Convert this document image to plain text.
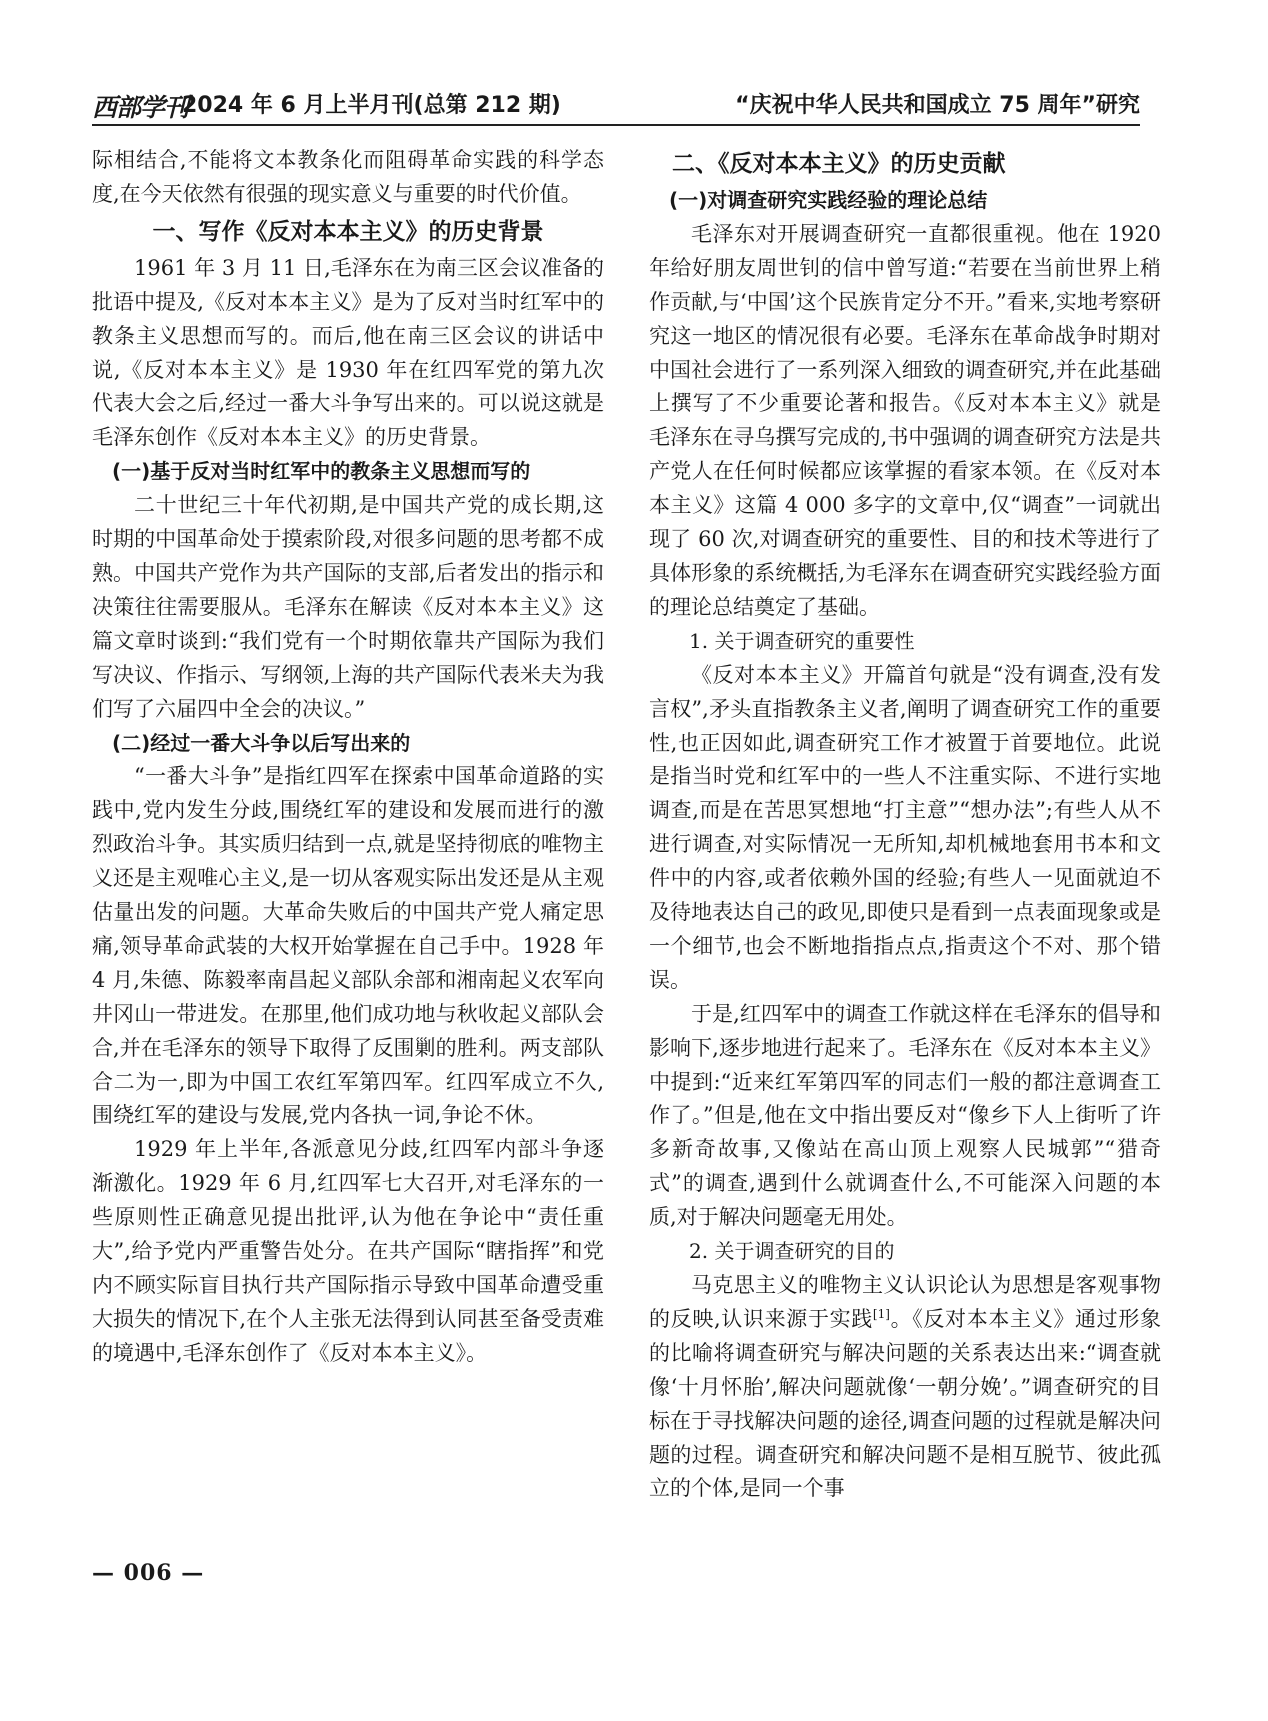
西部学刊
2024 年 6 月上半月刊(总第 212 期)	“庆祝中华人民共和国成立 75 周年”研究

际相结合,不能将文本教条化而阻碍革命实践的科学态度,在今天依然有很强的现实意义与重要的时代价值。

一、写作《反对本本主义》的历史背景

1961 年 3 月 11 日,毛泽东在为南三区会议准备的批语中提及,《反对本本主义》是为了反对当时红军中的教条主义思想而写的。而后,他在南三区会议的讲话中说,《反对本本主义》是 1930 年在红四军党的第九次代表大会之后,经过一番大斗争写出来的。可以说这就是毛泽东创作《反对本本主义》的历史背景。

(一)基于反对当时红军中的教条主义思想而写的

二十世纪三十年代初期,是中国共产党的成长期,这时期的中国革命处于摸索阶段,对很多问题的思考都不成熟。中国共产党作为共产国际的支部,后者发出的指示和决策往往需要服从。毛泽东在解读《反对本本主义》这篇文章时谈到:“我们党有一个时期依靠共产国际为我们写决议、作指示、写纲领,上海的共产国际代表米夫为我们写了六届四中全会的决议。”

(二)经过一番大斗争以后写出来的

“一番大斗争”是指红四军在探索中国革命道路的实践中,党内发生分歧,围绕红军的建设和发展而进行的激烈政治斗争。其实质归结到一点,就是坚持彻底的唯物主义还是主观唯心主义,是一切从客观实际出发还是从主观估量出发的问题。大革命失败后的中国共产党人痛定思痛,领导革命武装的大权开始掌握在自己手中。1928 年 4 月,朱德、陈毅率南昌起义部队余部和湘南起义农军向井冈山一带进发。在那里,他们成功地与秋收起义部队会合,并在毛泽东的领导下取得了反围剿的胜利。两支部队合二为一,即为中国工农红军第四军。红四军成立不久,围绕红军的建设与发展,党内各执一词,争论不休。

1929 年上半年,各派意见分歧,红四军内部斗争逐渐激化。1929 年 6 月,红四军七大召开,对毛泽东的一些原则性正确意见提出批评,认为他在争论中“责任重大”,给予党内严重警告处分。在共产国际“瞎指挥”和党内不顾实际盲目执行共产国际指示导致中国革命遭受重大损失的情况下,在个人主张无法得到认同甚至备受责难的境遇中,毛泽东创作了《反对本本主义》。

二、《反对本本主义》的历史贡献
(一)对调查研究实践经验的理论总结

毛泽东对开展调查研究一直都很重视。他在 1920 年给好朋友周世钊的信中曾写道:“若要在当前世界上稍作贡献,与‘中国’这个民族肯定分不开。”看来,实地考察研究这一地区的情况很有必要。毛泽东在革命战争时期对中国社会进行了一系列深入细致的调查研究,并在此基础上撰写了不少重要论著和报告。《反对本本主义》就是毛泽东在寻乌撰写完成的,书中强调的调查研究方法是共产党人在任何时候都应该掌握的看家本领。在《反对本本主义》这篇 4 000 多字的文章中,仅“调查”一词就出现了 60 次,对调查研究的重要性、目的和技术等进行了具体形象的系统概括,为毛泽东在调查研究实践经验方面的理论总结奠定了基础。

1. 关于调查研究的重要性

《反对本本主义》开篇首句就是“没有调查,没有发言权”,矛头直指教条主义者,阐明了调查研究工作的重要性,也正因如此,调查研究工作才被置于首要地位。此说是指当时党和红军中的一些人不注重实际、不进行实地调查,而是在苦思冥想地“打主意”“想办法”;有些人从不进行调查,对实际情况一无所知,却机械地套用书本和文件中的内容,或者依赖外国的经验;有些人一见面就迫不及待地表达自己的政见,即使只是看到一点表面现象或是一个细节,也会不断地指指点点,指责这个不对、那个错误。

于是,红四军中的调查工作就这样在毛泽东的倡导和影响下,逐步地进行起来了。毛泽东在《反对本本主义》中提到:“近来红军第四军的同志们一般的都注意调查工作了。”但是,他在文中指出要反对“像乡下人上街听了许多新奇故事,又像站在高山顶上观察人民城郭”“猎奇式”的调查,遇到什么就调查什么,不可能深入问题的本质,对于解决问题毫无用处。

2. 关于调查研究的目的

马克思主义的唯物主义认识论认为思想是客观事物的反映,认识来源于实践[1]。《反对本本主义》通过形象的比喻将调查研究与解决问题的关系表达出来:“调查就像‘十月怀胎’,解决问题就像‘一朝分娩’。”调查研究的目标在于寻找解决问题的途径,调查问题的过程就是解决问题的过程。调查研究和解决问题不是相互脱节、彼此孤立的个体,是同一个事

— 006 —
